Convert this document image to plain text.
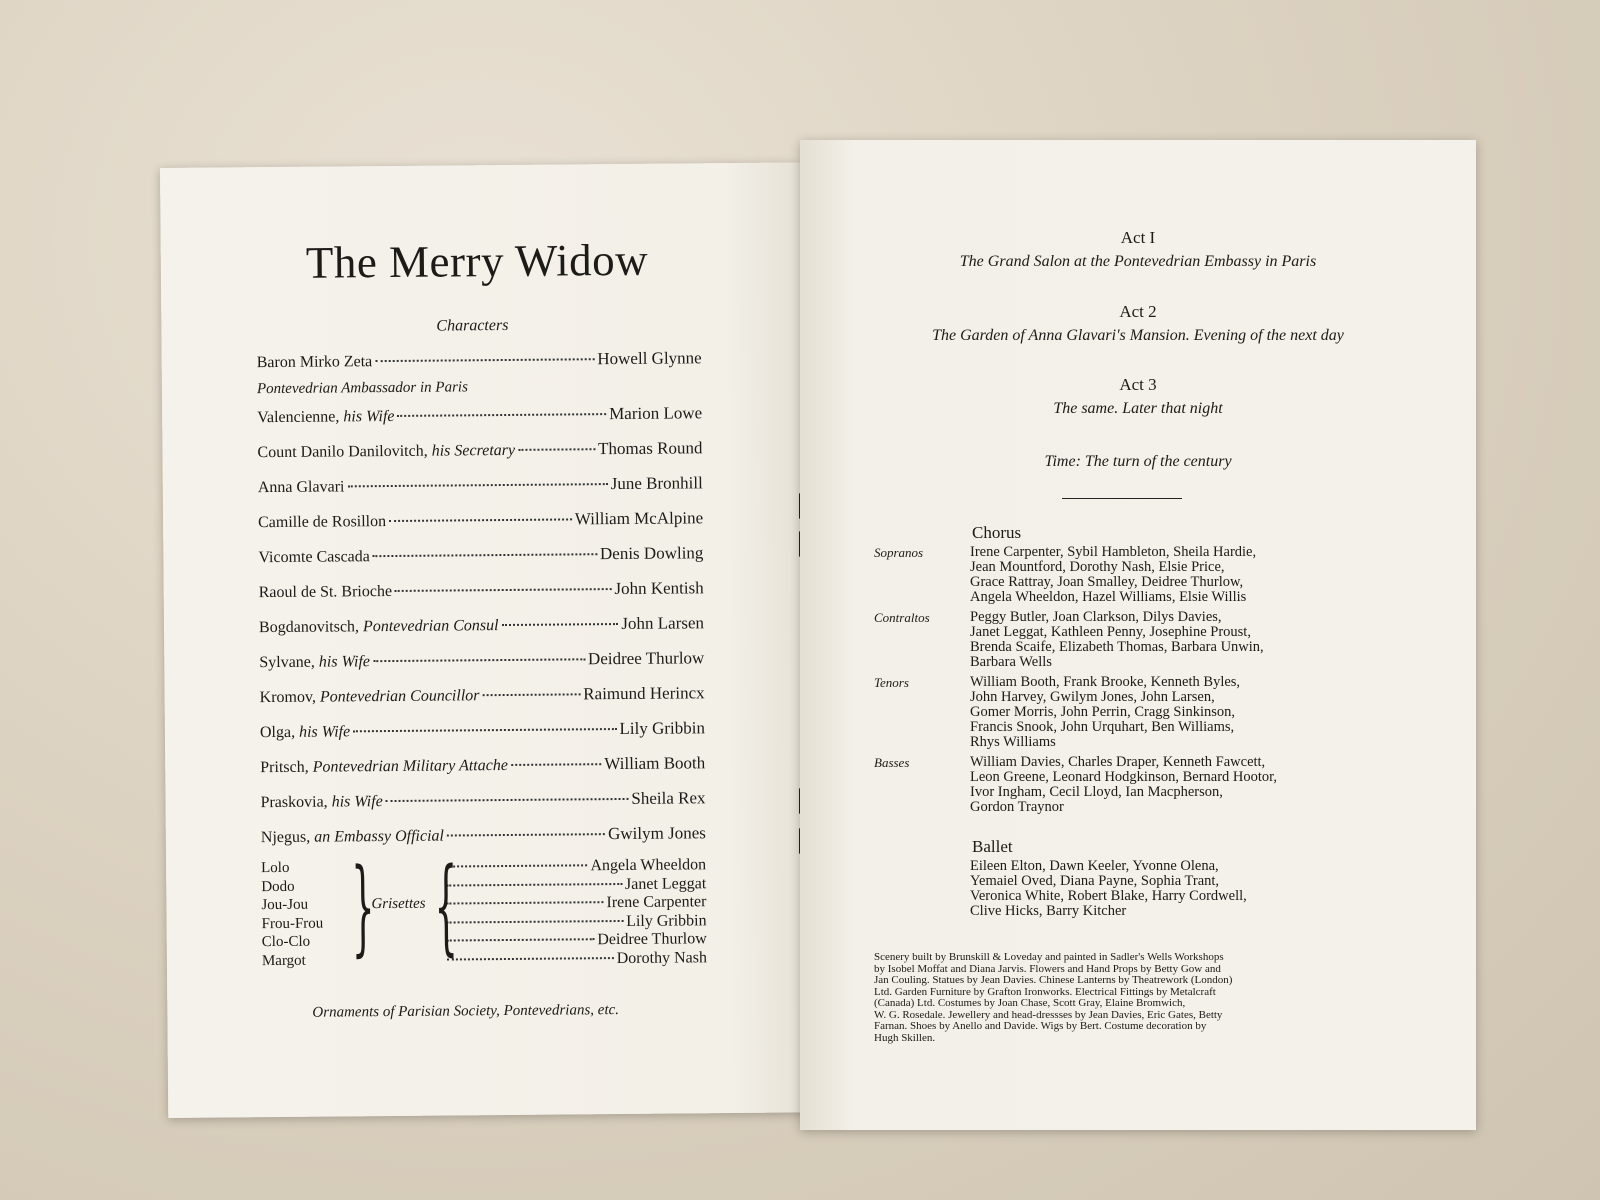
The Merry Widow
Characters
Baron Mirko Zeta	Howell Glynne
Valencienne, his Wife	Marion Lowe
Count Danilo Danilovitch, his Secretary	Thomas Round
Anna Glavari	June Bronhill
Camille de Rosillon	William McAlpine
Vicomte Cascada	Denis Dowling
Raoul de St. Brioche	John Kentish
Bogdanovitsch, Pontevedrian Consul	John Larsen
Sylvane, his Wife	Deidree Thurlow
Kromov, Pontevedrian Councillor	Raimund Herincx
Olga, his Wife	Lily Gribbin
Pritsch, Pontevedrian Military Attache	William Booth
Praskovia, his Wife	Sheila Rex
Njegus, an Embassy Official	Gwilym Jones
Pontevedrian Ambassador in Paris
Lolo	Angela Wheeldon
Dodo	Janet Leggat
Jou-Jou	Irene Carpenter
Frou-Frou	Lily Gribbin
Clo-Clo	Deidree Thurlow
Margot	Dorothy Nash
}
Grisettes {
Ornaments of Parisian Society, Pontevedrians, etc.
Act I
The Grand Salon at the Pontevedrian Embassy in Paris
Act 2
The Garden of Anna Glavari's Mansion. Evening of the next day
Act 3
The same. Later that night
Time: The turn of the century
Chorus
Sopranos	Irene Carpenter, Sybil Hambleton, Sheila Hardie,
Jean Mountford, Dorothy Nash, Elsie Price,
Grace Rattray, Joan Smalley, Deidree Thurlow,
Angela Wheeldon, Hazel Williams, Elsie Willis
Contraltos	Peggy Butler, Joan Clarkson, Dilys Davies,
Janet Leggat, Kathleen Penny, Josephine Proust,
Brenda Scaife, Elizabeth Thomas, Barbara Unwin,
Barbara Wells
Tenors	William Booth, Frank Brooke, Kenneth Byles,
John Harvey, Gwilym Jones, John Larsen,
Gomer Morris, John Perrin, Cragg Sinkinson,
Francis Snook, John Urquhart, Ben Williams,
Rhys Williams
Basses	William Davies, Charles Draper, Kenneth Fawcett,
Leon Greene, Leonard Hodgkinson, Bernard Hootor,
Ivor Ingham, Cecil Lloyd, Ian Macpherson,
Gordon Traynor
Ballet
Eileen Elton, Dawn Keeler, Yvonne Olena,
Yemaiel Oved, Diana Payne, Sophia Trant,
Veronica White, Robert Blake, Harry Cordwell,
Clive Hicks, Barry Kitcher
Scenery built by Brunskill & Loveday and painted in Sadler's Wells Workshops
by Isobel Moffat and Diana Jarvis. Flowers and Hand Props by Betty Gow and
Jan Couling. Statues by Jean Davies. Chinese Lanterns by Theatrework (London)
Ltd. Garden Furniture by Grafton Ironworks. Electrical Fittings by Metalcraft
(Canada) Ltd. Costumes by Joan Chase, Scott Gray, Elaine Bromwich,
W. G. Rosedale. Jewellery and head-dressses by Jean Davies, Eric Gates, Betty
Farnan. Shoes by Anello and Davide. Wigs by Bert. Costume decoration by
Hugh Skillen.
